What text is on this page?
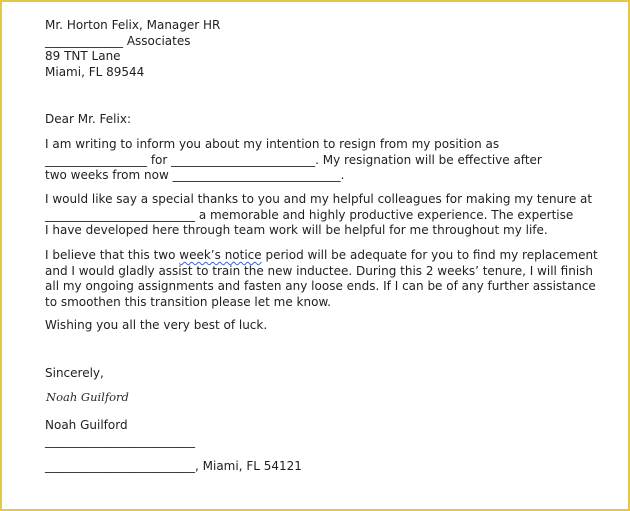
Mr. Horton Felix, Manager HR
_____________ Associates
89 TNT Lane
Miami, FL 89544
Dear Mr. Felix:
I am writing to inform you about my intention to resign from my position as
_________________ for ________________________. My resignation will be effective after
two weeks from now ____________________________.
I would like say a special thanks to you and my helpful colleagues for making my tenure at
_________________________ a memorable and highly productive experience. The expertise
I have developed here through team work will be helpful for me throughout my life.
I believe that this two week’s notice period will be adequate for you to find my replacement
and I would gladly assist to train the new inductee. During this 2 weeks’ tenure, I will finish
all my ongoing assignments and fasten any loose ends. If I can be of any further assistance
to smoothen this transition please let me know.
Wishing you all the very best of luck.
Sincerely,
Noah Guilford
Noah Guilford
_________________________
_________________________, Miami, FL 54121
